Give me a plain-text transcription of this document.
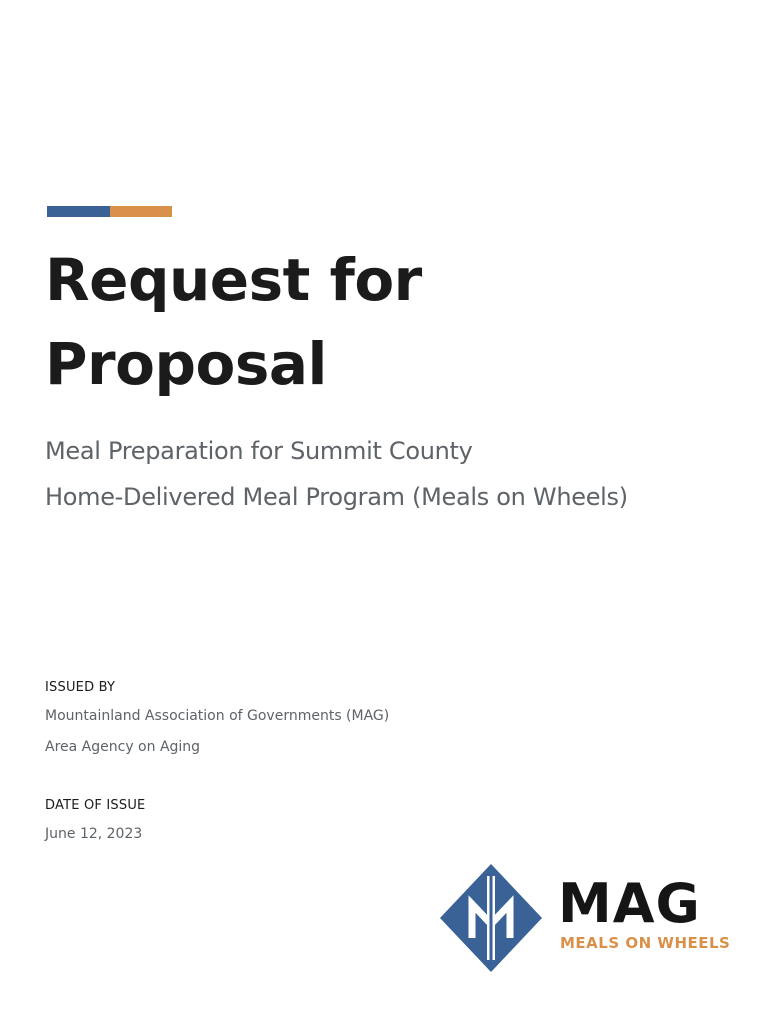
Request for
Proposal
Meal Preparation for Summit County
Home-Delivered Meal Program (Meals on Wheels)
ISSUED BY
Mountainland Association of Governments (MAG)
Area Agency on Aging
DATE OF ISSUE
June 12, 2023
MAG
MEALS ON WHEELS
